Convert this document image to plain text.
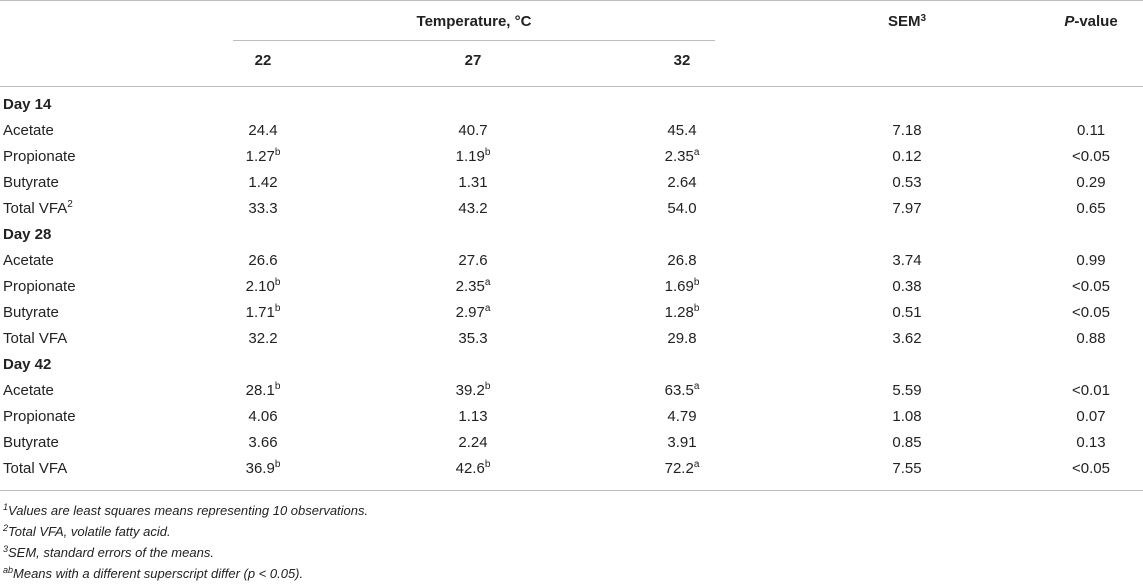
Temperature, °C
22	27	32
SEM$^3$	P-value
Day 14
Acetate	24.4	40.7	45.4	7.18	0.11
Propionate	1.27$^b$	1.19$^b$	2.35$^a$	0.12	<0.05
Butyrate	1.42	1.31	2.64	0.53	0.29
Total VFA$^2$	33.3	43.2	54.0	7.97	0.65
Day 28
Acetate	26.6	27.6	26.8	3.74	0.99
Propionate	2.10$^b$	2.35$^a$	1.69$^b$	0.38	<0.05
Butyrate	1.71$^b$	2.97$^a$	1.28$^b$	0.51	<0.05
Total VFA	32.2	35.3	29.8	3.62	0.88
Day 42
Acetate	28.1$^b$	39.2$^b$	63.5$^a$	5.59	<0.01
Propionate	4.06	1.13	4.79	1.08	0.07
Butyrate	3.66	2.24	3.91	0.85	0.13
Total VFA	36.9$^b$	42.6$^b$	72.2$^a$	7.55	<0.05
$^1$Values are least squares means representing 10 observations.
$^2$Total VFA, volatile fatty acid.
$^3$SEM, standard errors of the means.
$^{ab}$Means with a different superscript differ (p < 0.05).
